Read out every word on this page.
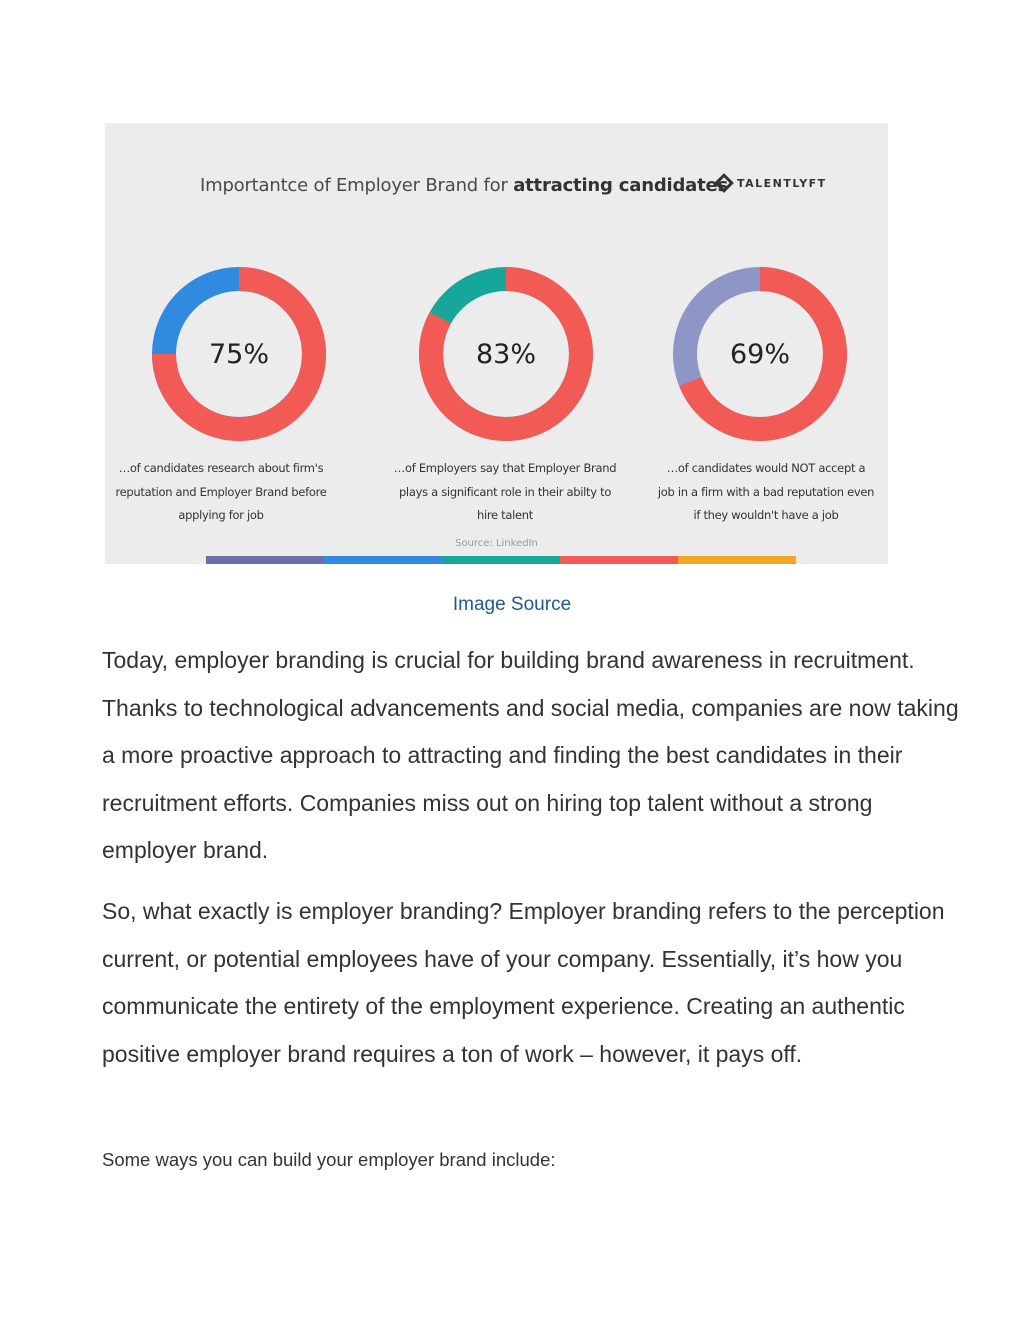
Importantce of Employer Brand for attracting candidates TALENTLYFT
75%	83%	69%
…of candidates research about firm's
reputation and Employer Brand before
applying for job
…of Employers say that Employer Brand
plays a significant role in their abilty to
hire talent
…of candidates would NOT accept a
job in a firm with a bad reputation even
if they wouldn't have a job
Source: LinkedIn
Image Source

Today, employer branding is crucial for building brand awareness in recruitment. Thanks to technological advancements and social media, companies are now taking a more proactive approach to attracting and finding the best candidates in their recruitment efforts. Companies miss out on hiring top talent without a strong employer brand.

So, what exactly is employer branding? Employer branding refers to the perception current, or potential employees have of your company. Essentially, it’s how you communicate the entirety of the employment experience. Creating an authentic positive employer brand requires a ton of work – however, it pays off.

Some ways you can build your employer brand include:
